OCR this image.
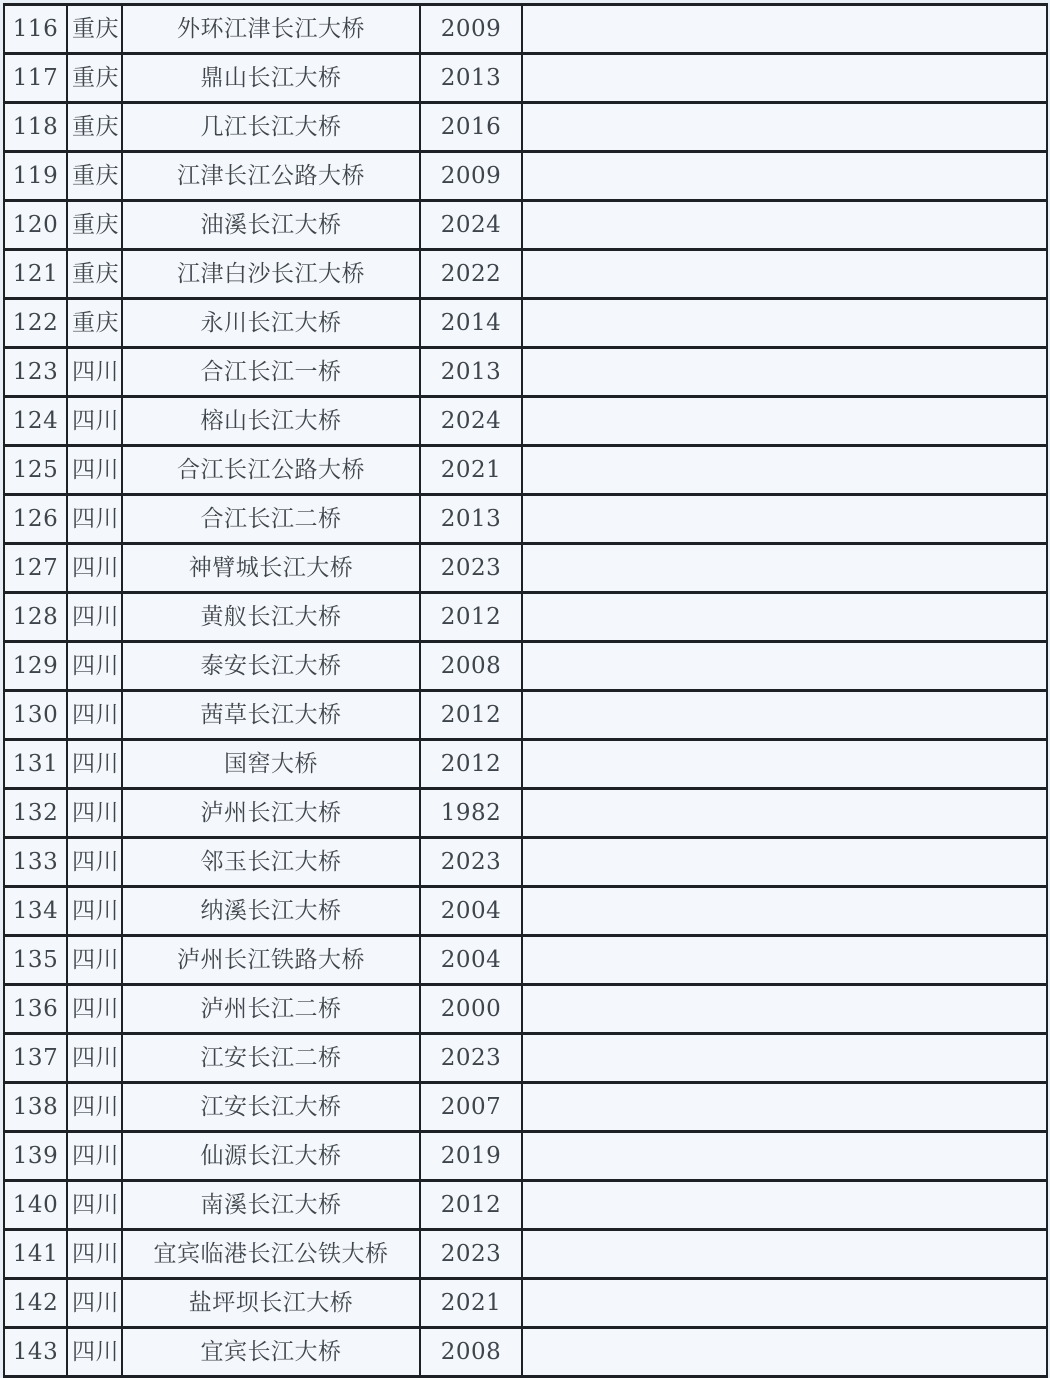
116	重庆	外环江津长江大桥	2009	
117	重庆	鼎山长江大桥	2013	
118	重庆	几江长江大桥	2016	
119	重庆	江津长江公路大桥	2009	
120	重庆	油溪长江大桥	2024	
121	重庆	江津白沙长江大桥	2022	
122	重庆	永川长江大桥	2014	
123	四川	合江长江一桥	2013	
124	四川	榕山长江大桥	2024	
125	四川	合江长江公路大桥	2021	
126	四川	合江长江二桥	2013	
127	四川	神臂城长江大桥	2023	
128	四川	黄舣长江大桥	2012	
129	四川	泰安长江大桥	2008	
130	四川	茜草长江大桥	2012	
131	四川	国窖大桥	2012	
132	四川	泸州长江大桥	1982	
133	四川	邻玉长江大桥	2023	
134	四川	纳溪长江大桥	2004	
135	四川	泸州长江铁路大桥	2004	
136	四川	泸州长江二桥	2000	
137	四川	江安长江二桥	2023	
138	四川	江安长江大桥	2007	
139	四川	仙源长江大桥	2019	
140	四川	南溪长江大桥	2012	
141	四川	宜宾临港长江公铁大桥	2023	
142	四川	盐坪坝长江大桥	2021	
143	四川	宜宾长江大桥	2008	
